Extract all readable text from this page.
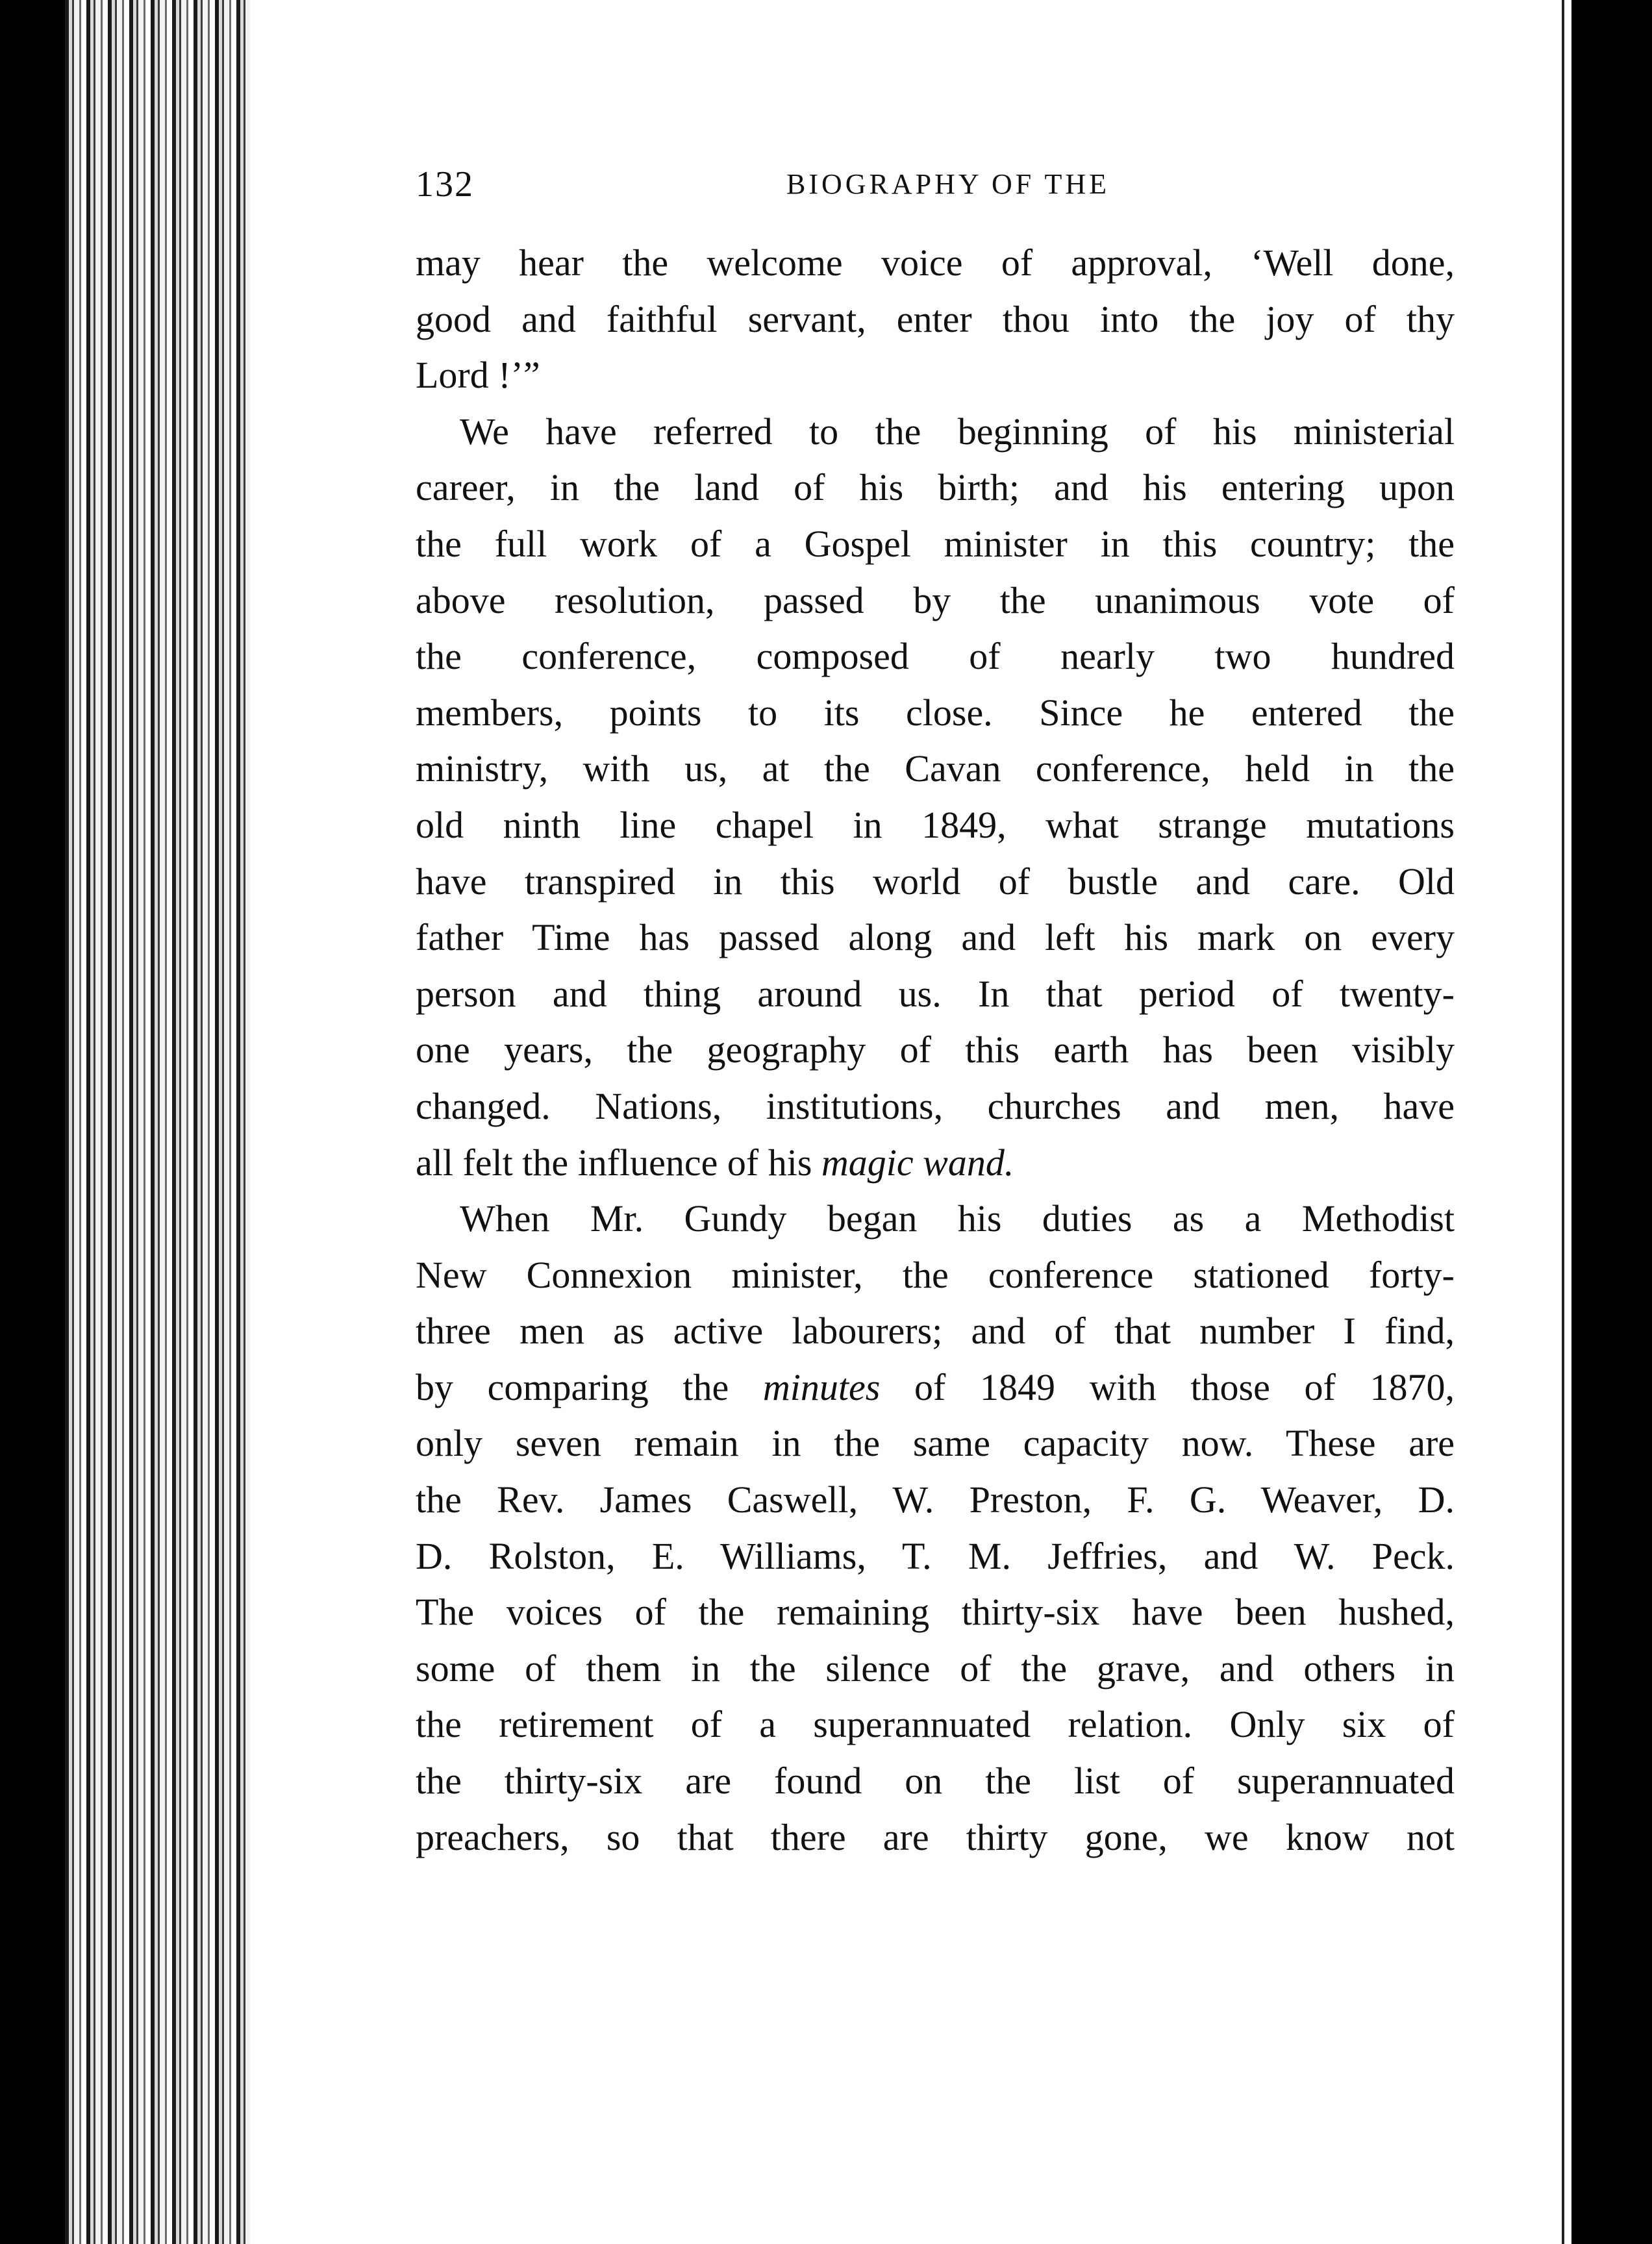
132	BIOGRAPHY OF THE
may hear the welcome voice of approval, ‘Well done,
good and faithful servant, enter thou into the joy of thy
Lord !’”
We have referred to the beginning of his ministerial
career, in the land of his birth; and his entering upon
the full work of a Gospel minister in this country; the
above resolution, passed by the unanimous vote of
the conference, composed of nearly two hundred
members, points to its close. Since he entered the
ministry, with us, at the Cavan conference, held in the
old ninth line chapel in 1849, what strange mutations
have transpired in this world of bustle and care. Old
father Time has passed along and left his mark on every
person and thing around us. In that period of twenty-
one years, the geography of this earth has been visibly
changed. Nations, institutions, churches and men, have
all felt the influence of his magic wand.
When Mr. Gundy began his duties as a Methodist
New Connexion minister, the conference stationed forty-
three men as active labourers; and of that number I find,
by comparing the minutes of 1849 with those of 1870,
only seven remain in the same capacity now. These are
the Rev. James Caswell, W. Preston, F. G. Weaver, D.
D. Rolston, E. Williams, T. M. Jeffries, and W. Peck.
The voices of the remaining thirty-six have been hushed,
some of them in the silence of the grave, and others in
the retirement of a superannuated relation. Only six of
the thirty-six are found on the list of superannuated
preachers, so that there are thirty gone, we know not
